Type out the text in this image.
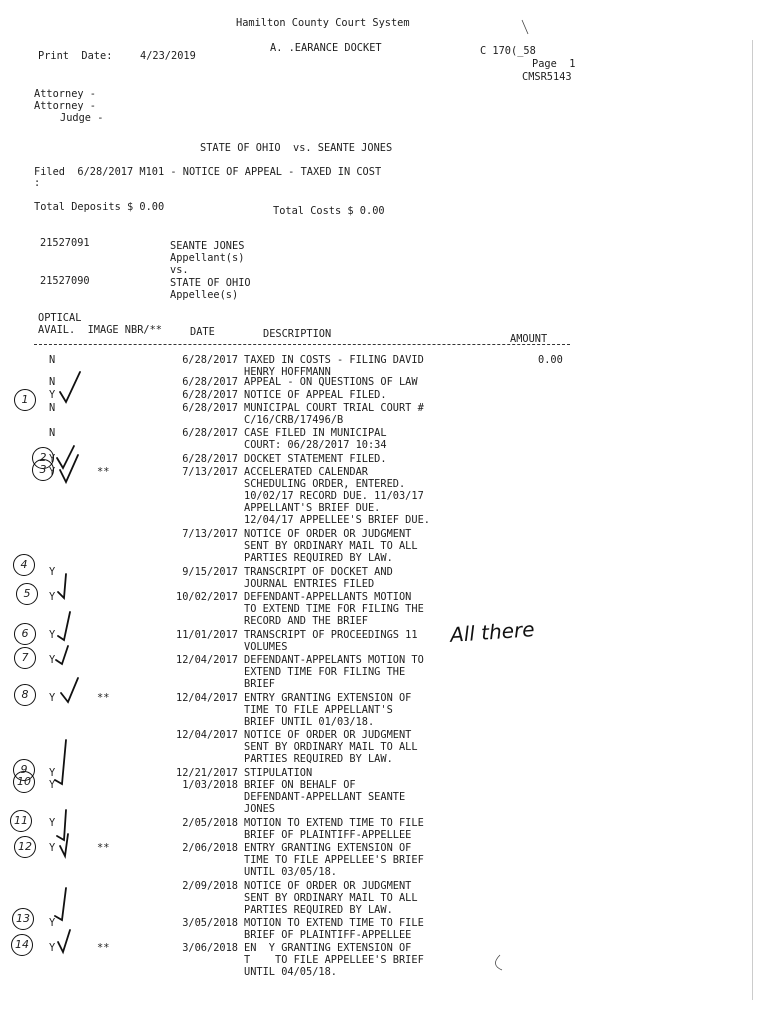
Hamilton County Court System
Print  Date:	4/23/2019
A. .EARANCE DOCKET	C 170(_58
Page  1
CMSR5143
Attorney -
Attorney -
Judge -
STATE OF OHIO  vs. SEANTE JONES
Filed  6/28/2017 M101 - NOTICE OF APPEAL - TAXED IN COST
:
Total Deposits $ 0.00	Total Costs $ 0.00
21527091	SEANTE JONES
Appellant(s)
vs.
21527090	STATE OF OHIO
Appellee(s)
OPTICAL
AVAIL.  IMAGE NBR/**	DATE	DESCRIPTION	AMOUNT
N	6/28/2017 TAXED IN COSTS - FILING DAVID
HENRY HOFFMANN
0.00
N	6/28/2017 APPEAL - ON QUESTIONS OF LAW
Y	6/28/2017 NOTICE OF APPEAL FILED.
N	6/28/2017 MUNICIPAL COURT TRIAL COURT #
C/16/CRB/17496/B
N	6/28/2017 CASE FILED IN MUNICIPAL
COURT: 06/28/2017 10:34
Y	6/28/2017 DOCKET STATEMENT FILED.
Y	**	7/13/2017 ACCELERATED CALENDAR
SCHEDULING ORDER, ENTERED.
10/02/17 RECORD DUE. 11/03/17
APPELLANT'S BRIEF DUE.
12/04/17 APPELLEE'S BRIEF DUE.
7/13/2017 NOTICE OF ORDER OR JUDGMENT
SENT BY ORDINARY MAIL TO ALL
PARTIES REQUIRED BY LAW.
Y	9/15/2017 TRANSCRIPT OF DOCKET AND
JOURNAL ENTRIES FILED
Y	10/02/2017 DEFENDANT-APPELLANTS MOTION
TO EXTEND TIME FOR FILING THE
RECORD AND THE BRIEF
Y	11/01/2017 TRANSCRIPT OF PROCEEDINGS 11
VOLUMES
Y	12/04/2017 DEFENDANT-APPELANTS MOTION TO
EXTEND TIME FOR FILING THE
BRIEF
Y	**	12/04/2017 ENTRY GRANTING EXTENSION OF
TIME TO FILE APPELLANT'S
BRIEF UNTIL 01/03/18.
12/04/2017 NOTICE OF ORDER OR JUDGMENT
SENT BY ORDINARY MAIL TO ALL
PARTIES REQUIRED BY LAW.
Y	12/21/2017 STIPULATION
Y	1/03/2018 BRIEF ON BEHALF OF
DEFENDANT-APPELLANT SEANTE
JONES
Y	2/05/2018 MOTION TO EXTEND TIME TO FILE
BRIEF OF PLAINTIFF-APPELLEE
Y	**	2/06/2018 ENTRY GRANTING EXTENSION OF
TIME TO FILE APPELLEE'S BRIEF
UNTIL 03/05/18.
2/09/2018 NOTICE OF ORDER OR JUDGMENT
SENT BY ORDINARY MAIL TO ALL
PARTIES REQUIRED BY LAW.
Y	3/05/2018 MOTION TO EXTEND TIME TO FILE
BRIEF OF PLAINTIFF-APPELLEE
Y	**	3/06/2018 EN  Y GRANTING EXTENSION OF
T    TO FILE APPELLEE'S BRIEF
UNTIL 04/05/18.
All there
1
2
3
4
5
6
7
8
9
10
11
12
13
14
